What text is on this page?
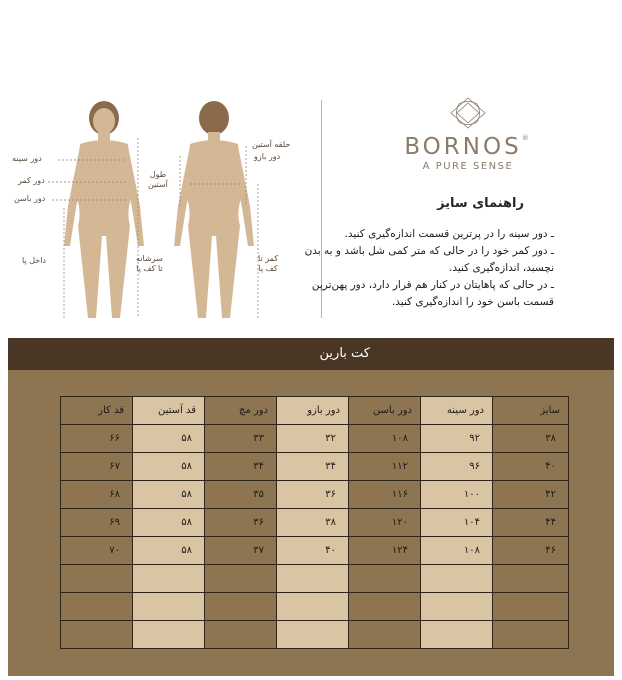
دور سینه
دور کمر
دور باسن
داخل پا	سرشانه
تا کف پا
حلقه آستین
دور بازو
طول
آستین
کمر تا
کف پا
BORNOS®
A PURE SENSE
راهنمای سایز

ـ دور سینه را در پرترین قسمت اندازه‌گیری کنید.

ـ دور کمر خود را در حالی که متر کمی شل باشد و به بدن نچسبد، اندازه‌گیری کنید.

ـ در حالی که پاهایتان در کنار هم قرار دارد، دور پهن‌ترین قسمت باسن خود را اندازه‌گیری کنید.

کت بارین
قد کار	قد آستین	دور مچ	دور بازو	دور باسن	دور سینه	سایز
۶۶	۵۸	۳۳	۳۲	۱۰۸	۹۲	۳۸
۶۷	۵۸	۳۴	۳۴	۱۱۲	۹۶	۴۰
۶۸	۵۸	۳۵	۳۶	۱۱۶	۱۰۰	۴۲
۶۹	۵۸	۳۶	۳۸	۱۲۰	۱۰۴	۴۴
۷۰	۵۸	۳۷	۴۰	۱۲۴	۱۰۸	۴۶
